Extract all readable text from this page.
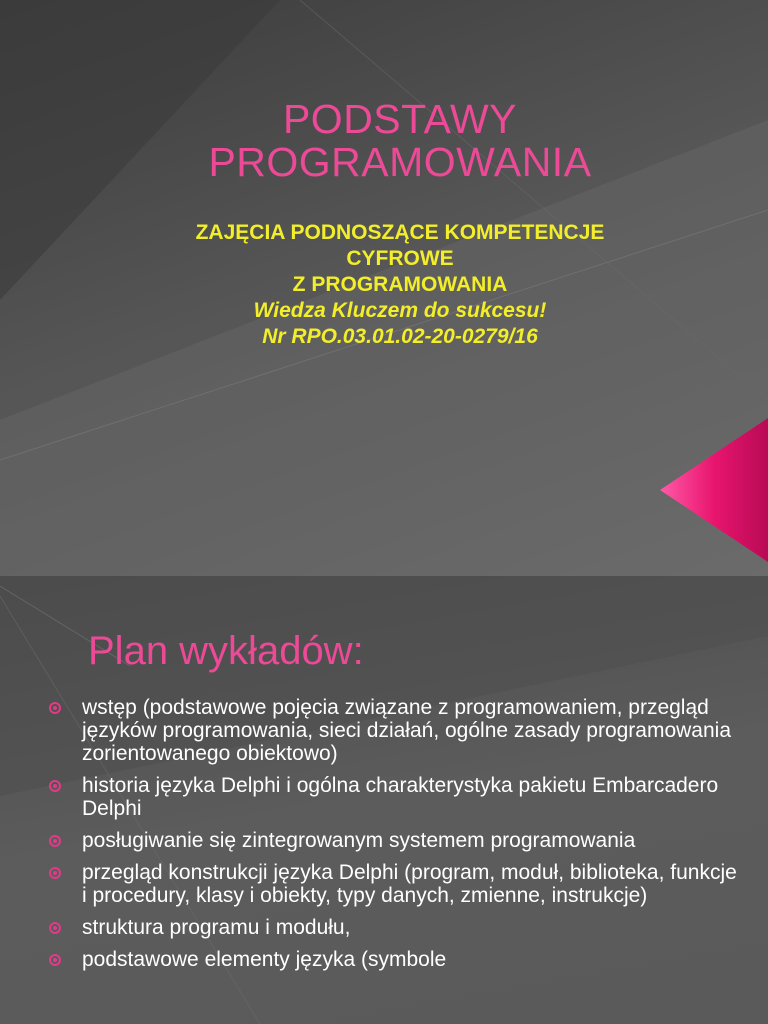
PODSTAWY
PROGRAMOWANIA

ZAJĘCIA PODNOSZĄCE KOMPETENCJE
CYFROWE
Z PROGRAMOWANIA
Wiedza Kluczem do sukcesu!
Nr RPO.03.01.02-20-0279/16

Plan wykładów:
wstęp (podstawowe pojęcia związane z programowaniem, przegląd języków programowania, sieci działań, ogólne zasady programowania zorientowanego obiektowo)
historia języka Delphi i ogólna charakterystyka pakietu Embarcadero Delphi
posługiwanie się zintegrowanym systemem programowania
przegląd konstrukcji języka Delphi (program, moduł, biblioteka, funkcje i procedury, klasy i obiekty, typy danych, zmienne, instrukcje)
struktura programu i modułu,
podstawowe elementy języka (symbole
